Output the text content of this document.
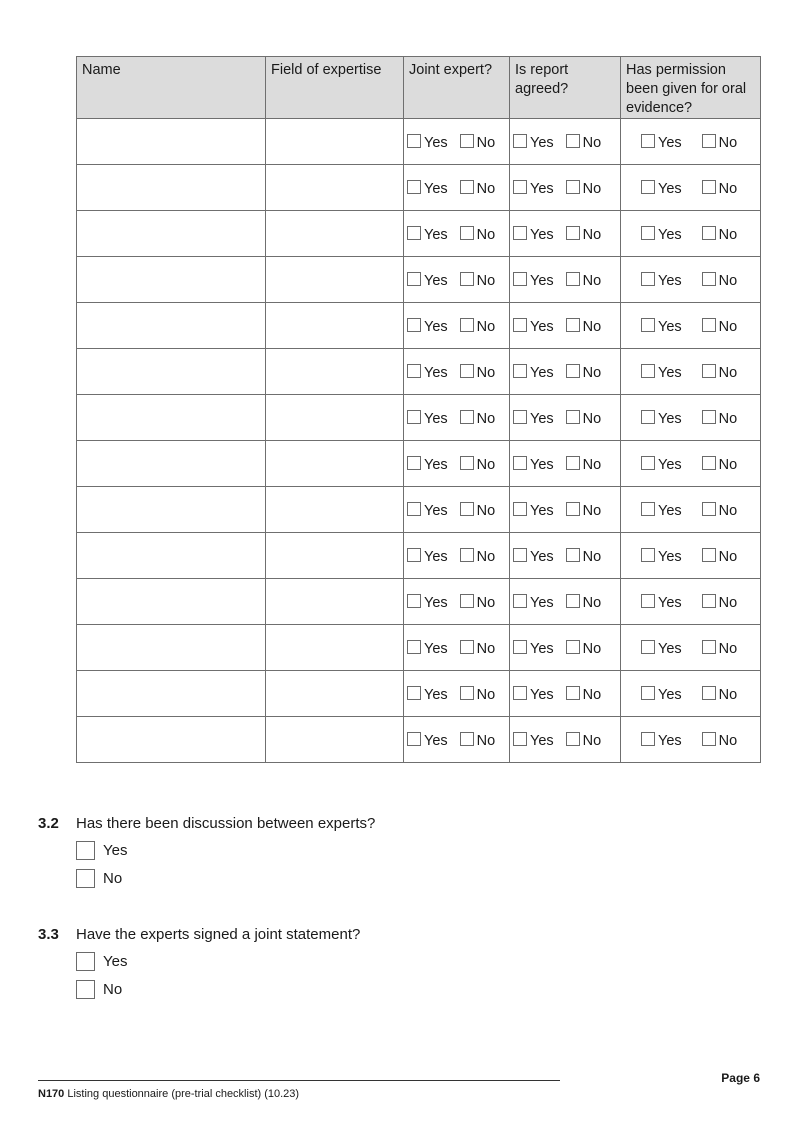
Name	Field of expertise	Joint expert?	Is report agreed?	Has permission been given for oral evidence?

		Yes No	Yes No	Yes No

		Yes No	Yes No	Yes No

		Yes No	Yes No	Yes No

		Yes No	Yes No	Yes No

		Yes No	Yes No	Yes No

		Yes No	Yes No	Yes No

		Yes No	Yes No	Yes No

		Yes No	Yes No	Yes No

		Yes No	Yes No	Yes No

		Yes No	Yes No	Yes No

		Yes No	Yes No	Yes No

		Yes No	Yes No	Yes No

		Yes No	Yes No	Yes No

		Yes No	Yes No	Yes No
3.2 Has there been discussion between experts?
Yes
No
3.3 Have the experts signed a joint statement?
Yes
No
N170 Listing questionnaire (pre-trial checklist) (10.23)
Page 6
